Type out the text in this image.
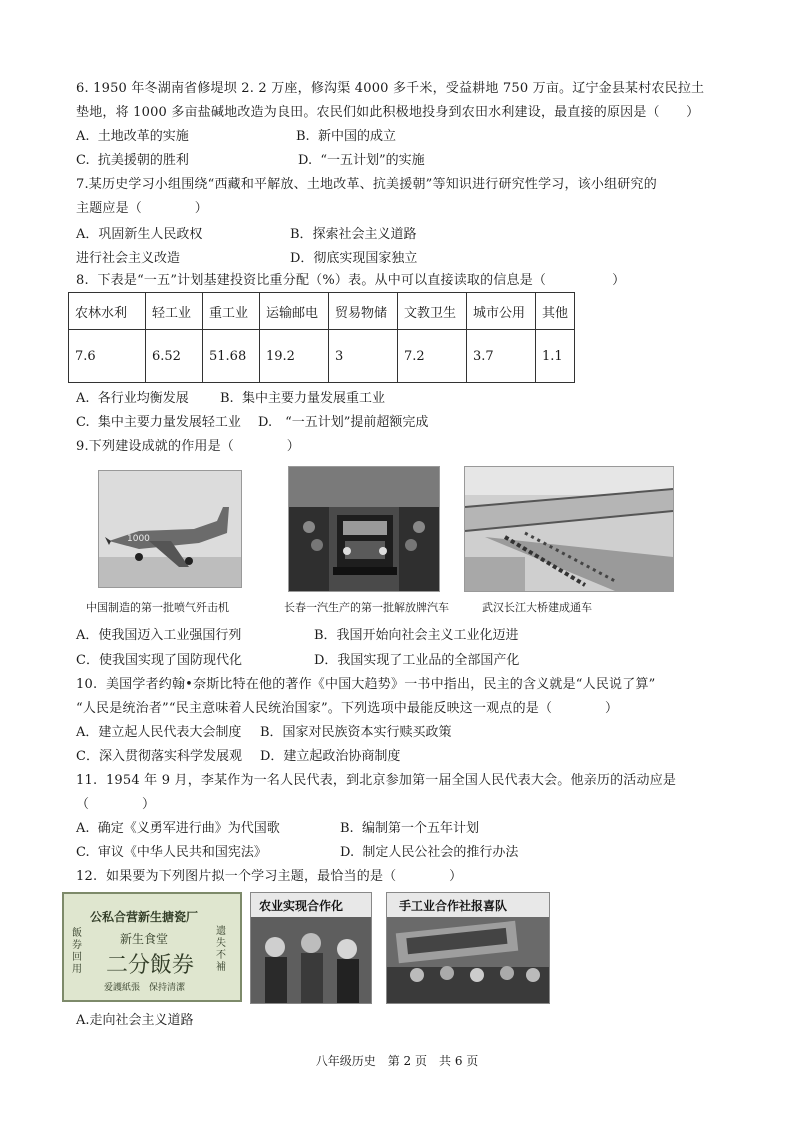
6. 1950 年冬湖南省修堤坝 2. 2 万座，修沟渠 4000 多千米，受益耕地 750 万亩。辽宁金县某村农民拉土
垫地，将 1000 多亩盐碱地改造为良田。农民们如此积极地投身到农田水利建设，最直接的原因是（　　）
A.  土地改革的实施	B.  新中国的成立
C.  抗美援朝的胜利	D.  “一五计划”的实施
7.某历史学习小组围绕“西藏和平解放、土地改革、抗美援朝”等知识进行研究性学习，该小组研究的
主题应是（　　　　）
A．巩固新生人民政权	B．探索社会主义道路
进行社会主义改造	D．彻底实现国家独立
8.  下表是“一五”计划基建投资比重分配（%）表。从中可以直接读取的信息是（　　　　　）
农林水利	轻工业	重工业	运输邮电	贸易物储	文教卫生	城市公用	其他
7.6	6.52	51.68	19.2	3	7.2	3.7	1.1
A.  各行业均衡发展 B.  集中主要力量发展重工业
C.  集中主要力量发展轻工业 D.　“一五计划”提前超额完成
9.下列建设成就的作用是（　　　　）
1000
中国制造的第一批喷气歼击机	长春一汽生产的第一批解放牌汽车	武汉长江大桥建成通车
A．使我国迈入工业强国行列	B．我国开始向社会主义工业化迈进
C．使我国实现了国防现代化	D．我国实现了工业品的全部国产化
10.  美国学者约翰•奈斯比特在他的著作《中国大趋势》一书中指出，民主的含义就是“人民说了算”
“人民是统治者”“民主意味着人民统治国家”。下列选项中最能反映这一观点的是（　　　　）
A．建立起人民代表大会制度 B．国家对民族资本实行赎买政策
C．深入贯彻落实科学发展观 D．建立起政治协商制度
11.  1954 年 9 月，李某作为一名人民代表，到北京参加第一届全国人民代表大会。他亲历的活动应是
（　　　　）
A.  确定《义勇军进行曲》为代国歌	B.  编制第一个五年计划
C.  审议《中华人民共和国宪法》	D.  制定人民公社会的推行办法
12.  如果要为下列图片拟一个学习主题，最恰当的是（　　　　）
公私合营新生搪瓷厂
新生食堂
二分飯券
飯券 回用
遗失不補
爱護紙張　保持清潔
农业实现合作化	手工业合作社报喜队
A.走向社会主义道路
八年级历史　第 2 页　共 6 页
